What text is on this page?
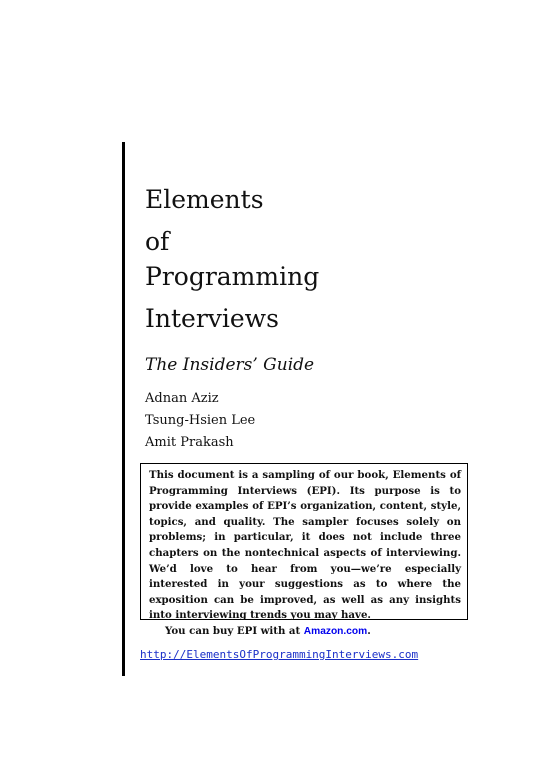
Elements
of
Programming
Interviews
The Insiders’ Guide
Adnan Aziz
Tsung-Hsien Lee
Amit Prakash

This document is a sampling of our book, Elements of Programming Interviews (EPI). Its purpose is to provide examples of EPI’s organization, content, style, topics, and quality. The sampler focuses solely on problems; in particular, it does not include three chapters on the nontechnical aspects of interviewing. We’d love to hear from you—we’re especially interested in your suggestions as to where the exposition can be improved, as well as any insights into interviewing trends you may have.

You can buy EPI with at Amazon.com.

http://ElementsOfProgrammingInterviews.com
